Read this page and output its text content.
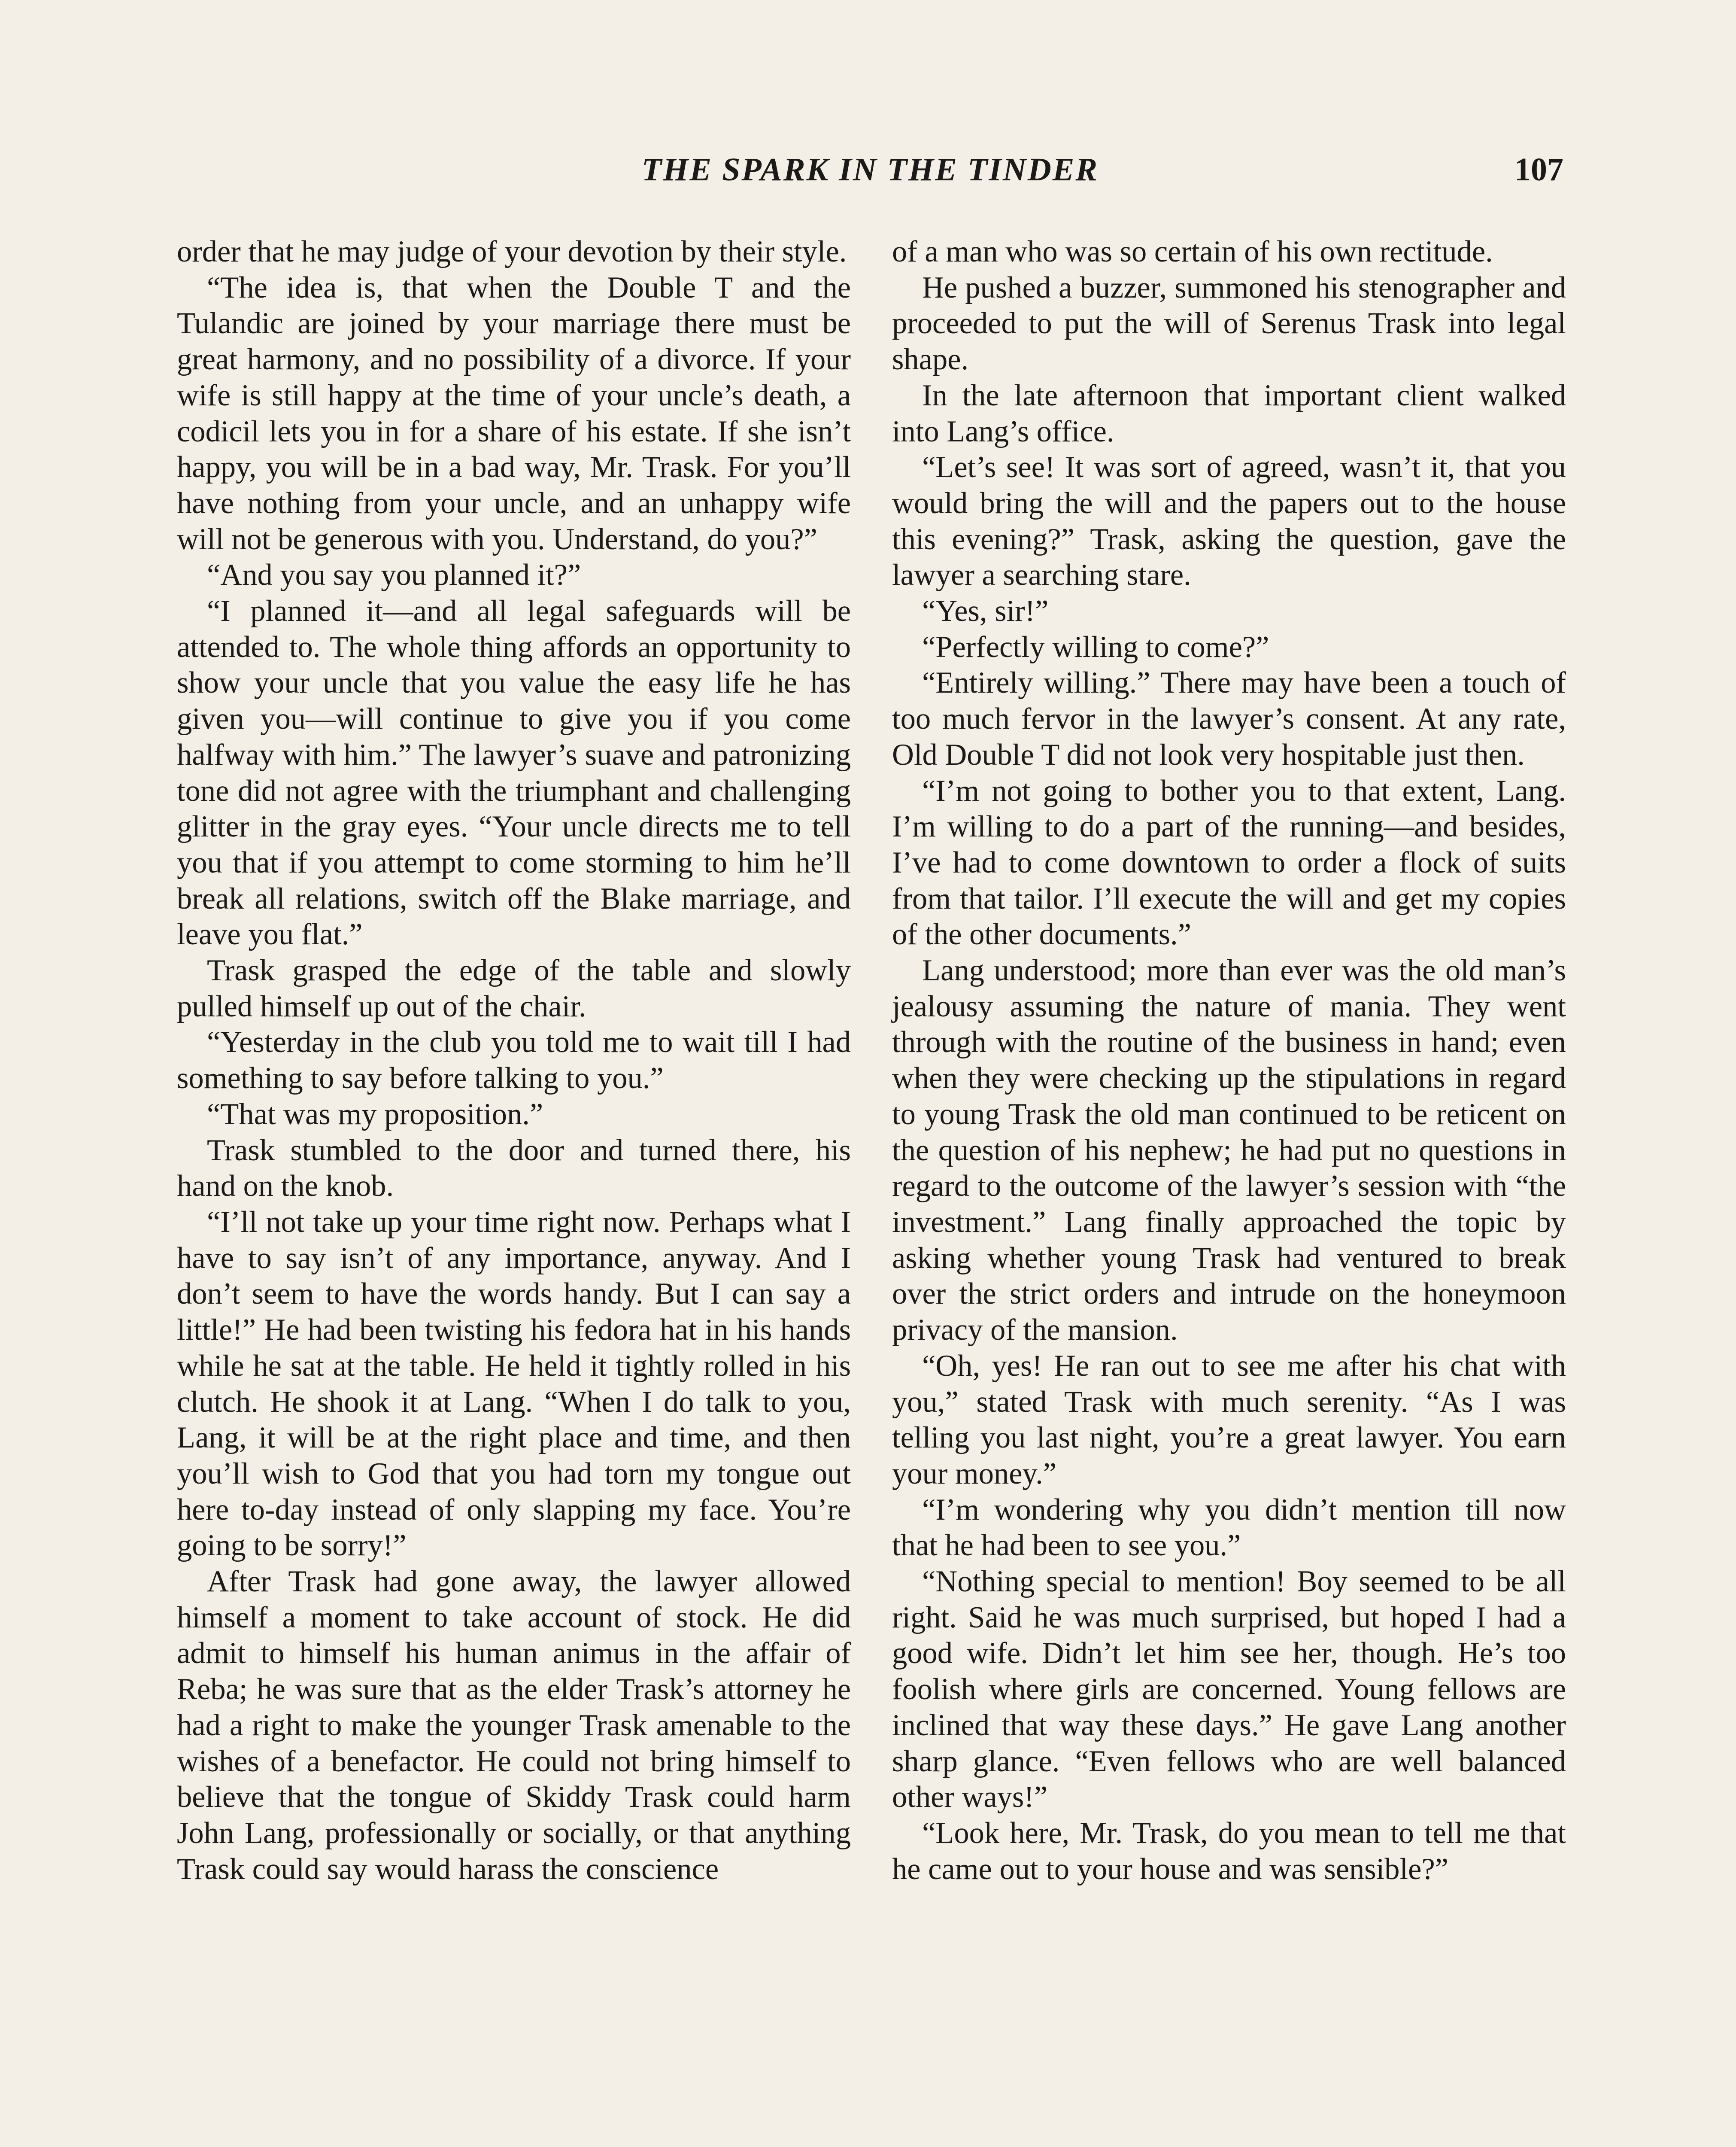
THE SPARK IN THE TINDER	107

order that he may judge of your devotion by their style.

“The idea is, that when the Double T and the Tulandic are joined by your marriage there must be great harmony, and no possibility of a divorce. If your wife is still happy at the time of your uncle’s death, a codicil lets you in for a share of his estate. If she isn’t happy, you will be in a bad way, Mr. Trask. For you’ll have nothing from your uncle, and an unhappy wife will not be generous with you. Understand, do you?”

“And you say you planned it?”

“I planned it—and all legal safeguards will be attended to. The whole thing affords an opportunity to show your uncle that you value the easy life he has given you—will continue to give you if you come halfway with him.” The lawyer’s suave and patronizing tone did not agree with the triumphant and challenging glitter in the gray eyes. “Your uncle directs me to tell you that if you attempt to come storming to him he’ll break all relations, switch off the Blake marriage, and leave you flat.”

Trask grasped the edge of the table and slowly pulled himself up out of the chair.

“Yesterday in the club you told me to wait till I had something to say before talking to you.”

“That was my proposition.”

Trask stumbled to the door and turned there, his hand on the knob.

“I’ll not take up your time right now. Perhaps what I have to say isn’t of any importance, anyway. And I don’t seem to have the words handy. But I can say a little!” He had been twisting his fedora hat in his hands while he sat at the table. He held it tightly rolled in his clutch. He shook it at Lang. “When I do talk to you, Lang, it will be at the right place and time, and then you’ll wish to God that you had torn my tongue out here to-day instead of only slapping my face. You’re going to be sorry!”

After Trask had gone away, the lawyer allowed himself a moment to take account of stock. He did admit to himself his human animus in the affair of Reba; he was sure that as the elder Trask’s attorney he had a right to make the younger Trask amenable to the wishes of a benefactor. He could not bring himself to believe that the tongue of Skiddy Trask could harm John Lang, professionally or socially, or that anything Trask could say would harass the conscience

of a man who was so certain of his own rectitude.

He pushed a buzzer, summoned his stenographer and proceeded to put the will of Serenus Trask into legal shape.

In the late afternoon that important client walked into Lang’s office.

“Let’s see! It was sort of agreed, wasn’t it, that you would bring the will and the papers out to the house this evening?” Trask, asking the question, gave the lawyer a searching stare.

“Yes, sir!”

“Perfectly willing to come?”

“Entirely willing.” There may have been a touch of too much fervor in the lawyer’s consent. At any rate, Old Double T did not look very hospitable just then.

“I’m not going to bother you to that extent, Lang. I’m willing to do a part of the running—and besides, I’ve had to come downtown to order a flock of suits from that tailor. I’ll execute the will and get my copies of the other documents.”

Lang understood; more than ever was the old man’s jealousy assuming the nature of mania. They went through with the routine of the business in hand; even when they were checking up the stipulations in regard to young Trask the old man continued to be reticent on the question of his nephew; he had put no questions in regard to the outcome of the lawyer’s session with “the investment.” Lang finally approached the topic by asking whether young Trask had ventured to break over the strict orders and intrude on the honeymoon privacy of the mansion.

“Oh, yes! He ran out to see me after his chat with you,” stated Trask with much serenity. “As I was telling you last night, you’re a great lawyer. You earn your money.”

“I’m wondering why you didn’t mention till now that he had been to see you.”

“Nothing special to mention! Boy seemed to be all right. Said he was much surprised, but hoped I had a good wife. Didn’t let him see her, though. He’s too foolish where girls are concerned. Young fellows are inclined that way these days.” He gave Lang another sharp glance. “Even fellows who are well balanced other ways!”

“Look here, Mr. Trask, do you mean to tell me that he came out to your house and was sensible?”
